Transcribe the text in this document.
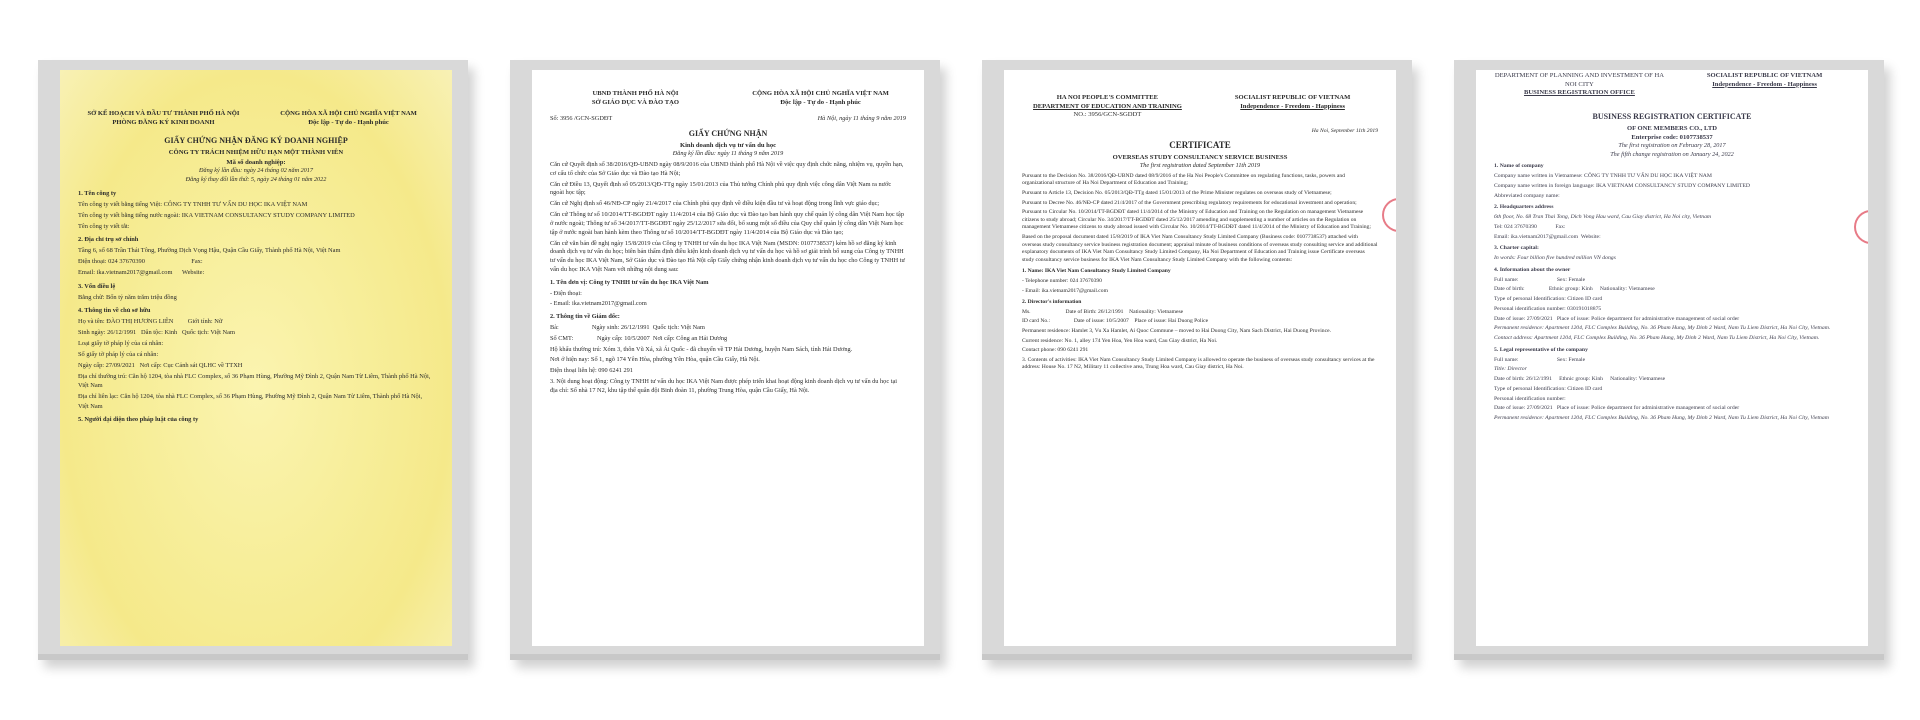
SỞ KẾ HOẠCH VÀ ĐẦU TƯ THÀNH PHỐ HÀ NỘI
PHÒNG ĐĂNG KÝ KINH DOANH
CỘNG HÒA XÃ HỘI CHỦ NGHĨA VIỆT NAM
Độc lập - Tự do - Hạnh phúc
GIẤY CHỨNG NHẬN ĐĂNG KÝ DOANH NGHIỆP
CÔNG TY TRÁCH NHIỆM HỮU HẠN MỘT THÀNH VIÊN
Mã số doanh nghiệp:
Đăng ký lần đầu: ngày 24 tháng 02 năm 2017
Đăng ký thay đổi lần thứ: 5, ngày 24 tháng 01 năm 2022
1. Tên công ty
Tên công ty viết bằng tiếng Việt: CÔNG TY TNHH TƯ VẤN DU HỌC IKA VIỆT NAM
Tên công ty viết bằng tiếng nước ngoài: IKA VIETNAM CONSULTANCY STUDY COMPANY LIMITED
Tên công ty viết tắt:
2. Địa chỉ trụ sở chính
Tầng 6, số 68 Trần Thái Tông, Phường Dịch Vọng Hậu, Quận Cầu Giấy, Thành phố Hà Nội, Việt Nam
Điện thoại: 024 37670390	Fax:
Email: ika.vietnam2017@gmail.com Website:
3. Vốn điều lệ
Bằng chữ: Bốn tỷ năm trăm triệu đồng
4. Thông tin về chủ sở hữu
Họ và tên: ĐÀO THỊ HƯƠNG LIÊN Giới tính: Nữ
Sinh ngày: 26/12/1991 Dân tộc: Kinh Quốc tịch: Việt Nam
Loại giấy tờ pháp lý của cá nhân:
Số giấy tờ pháp lý của cá nhân:
Ngày cấp: 27/09/2021 Nơi cấp: Cục Cảnh sát QLHC về TTXH
Địa chỉ thường trú: Căn hộ 1204, tòa nhà FLC Complex, số 36 Phạm Hùng, Phường Mỹ Đình 2, Quận Nam Từ Liêm, Thành phố Hà Nội, Việt Nam
Địa chỉ liên lạc: Căn hộ 1204, tòa nhà FLC Complex, số 36 Phạm Hùng, Phường Mỹ Đình 2, Quận Nam Từ Liêm, Thành phố Hà Nội, Việt Nam
5. Người đại diện theo pháp luật của công ty
UBND THÀNH PHỐ HÀ NỘI
SỞ GIÁO DỤC VÀ ĐÀO TẠO
CỘNG HÒA XÃ HỘI CHỦ NGHĨA VIỆT NAM
Độc lập - Tự do - Hạnh phúc
Số: 3956 /GCN-SGDĐT	Hà Nội, ngày 11 tháng 9 năm 2019
GIẤY CHỨNG NHẬN
Kinh doanh dịch vụ tư vấn du học
Đăng ký lần đầu: ngày 11 tháng 9 năm 2019
Căn cứ Quyết định số 38/2016/QĐ-UBND ngày 08/9/2016 của UBND thành phố Hà Nội về việc quy định chức năng, nhiệm vụ, quyền hạn, cơ cấu tổ chức của Sở Giáo dục và Đào tạo Hà Nội;
Căn cứ Điều 13, Quyết định số 05/2013/QĐ-TTg ngày 15/01/2013 của Thủ tướng Chính phủ quy định việc công dân Việt Nam ra nước ngoài học tập;
Căn cứ Nghị định số 46/NĐ-CP ngày 21/4/2017 của Chính phủ quy định về điều kiện đầu tư và hoạt động trong lĩnh vực giáo dục;
Căn cứ Thông tư số 10/2014/TT-BGDĐT ngày 11/4/2014 của Bộ Giáo dục và Đào tạo ban hành quy chế quản lý công dân Việt Nam học tập ở nước ngoài; Thông tư số 34/2017/TT-BGDĐT ngày 25/12/2017 sửa đổi, bổ sung một số điều của Quy chế quản lý công dân Việt Nam học tập ở nước ngoài ban hành kèm theo Thông tư số 10/2014/TT-BGDĐT ngày 11/4/2014 của Bộ Giáo dục và Đào tạo;
Căn cứ văn bản đề nghị ngày 15/8/2019 của Công ty TNHH tư vấn du học IKA Việt Nam (MSDN: 0107738537) kèm hồ sơ đăng ký kinh doanh dịch vụ tư vấn du học; biên bản thẩm định điều kiện kinh doanh dịch vụ tư vấn du học và hồ sơ giải trình bổ sung của Công ty TNHH tư vấn du học IKA Việt Nam, Sở Giáo dục và Đào tạo Hà Nội cấp Giấy chứng nhận kinh doanh dịch vụ tư vấn du học cho Công ty TNHH tư vấn du học IKA Việt Nam với những nội dung sau:
1. Tên đơn vị: Công ty TNHH tư vấn du học IKA Việt Nam
- Điện thoại:
- Email: ika.vietnam2017@gmail.com
2. Thông tin về Giám đốc:
Bà:	Ngày sinh: 26/12/1991 Quốc tịch: Việt Nam
Số CMT:	Ngày cấp: 10/5/2007 Nơi cấp: Công an Hải Dương
Hộ khẩu thường trú: Xóm 3, thôn Vũ Xá, xã Ái Quốc - đã chuyển về TP Hải Dương, huyện Nam Sách, tỉnh Hải Dương.
Nơi ở hiện nay: Số 1, ngõ 174 Yên Hòa, phường Yên Hòa, quận Cầu Giấy, Hà Nội.
Điện thoại liên hệ: 090 6241 291
3. Nội dung hoạt động: Công ty TNHH tư vấn du học IKA Việt Nam được phép triển khai hoạt động kinh doanh dịch vụ tư vấn du học tại địa chỉ: Số nhà 17 N2, khu tập thể quân đội Binh đoàn 11, phường Trung Hòa, quận Cầu Giấy, Hà Nội.
HA NOI PEOPLE'S COMMITTEE
DEPARTMENT OF EDUCATION AND TRAINING
NO.: 3956/GCN-SGDDT
SOCIALIST REPUBLIC OF VIETNAM
Independence - Freedom - Happiness
Ha Noi, September 11th 2019
CERTIFICATE
OVERSEAS STUDY CONSULTANCY SERVICE BUSINESS
The first registration dated September 11th 2019
Pursuant to the Decision No. 38/2016/QĐ-UBND dated 08/9/2016 of the Ha Noi People's Committee on regulating functions, tasks, powers and organizational structure of Ha Noi Department of Education and Training;
Pursuant to Article 13, Decision No. 05/2013/QĐ-TTg dated 15/01/2013 of the Prime Minister regulates on overseas study of Vietnamese;
Pursuant to Decree No. 46/NĐ-CP dated 21/4/2017 of the Government prescribing regulatory requirements for educational investment and operation;
Pursuant to Circular No. 10/2014/TT-BGDĐT dated 11/4/2014 of the Ministry of Education and Training on the Regulation on management Vietnamese citizens to study abroad; Circular No. 34/2017/TT-BGDĐT dated 25/12/2017 amending and supplementing a number of articles on the Regulation on management Vietnamese citizens to study abroad issued with Circular No. 10/2014/TT-BGDĐT dated 11/4/2014 of the Ministry of Education and Training;
Based on the proposal document dated 15/8/2019 of IKA Viet Nam Consultancy Study Limited Company (Business code: 0107738537) attached with overseas study consultancy service business registration document; appraisal minute of business conditions of overseas study consulting service and additional explanatory documents of IKA Viet Nam Consultancy Study Limited Company, Ha Noi Department of Education and Training issue Certificate overseas study consultancy service business for IKA Viet Nam Consultancy Study Limited Company with the following contents:
1. Name: IKA Viet Nam Consultancy Study Limited Company
- Telephone number: 024 37670390
- Email: ika.vietnam2017@gmail.com
2. Director's information
Ms.	Date of Birth: 26/12/1991 Nationality: Vietnamese
ID card No.:	Date of issue: 10/5/2007 Place of issue: Hai Duong Police
Permanent residence: Hamlet 3, Vu Xa Hamlet, Ai Quoc Commune – moved to Hai Duong City, Nam Sach District, Hai Duong Province.
Current residence: No. 1, alley 174 Yen Hoa, Yen Hoa ward, Cau Giay district, Ha Noi.
Contact phone: 090 6241 291
3. Contents of activities: IKA Viet Nam Consultancy Study Limited Company is allowed to operate the business of overseas study consultancy services at the address: House No. 17 N2, Military 11 collective area, Trung Hoa ward, Cau Giay district, Ha Noi.
DEPARTMENT OF PLANNING AND INVESTMENT OF HA NOI CITY
BUSINESS REGISTRATION OFFICE
SOCIALIST REPUBLIC OF VIETNAM
Independence - Freedom - Happiness
BUSINESS REGISTRATION CERTIFICATE
OF ONE MEMBERS CO., LTD
Enterprise code: 0107738537
The first registration on February 28, 2017
The fifth change registration on January 24, 2022
1. Name of company
Company name written in Vietnamese: CÔNG TY TNHH TƯ VẤN DU HỌC IKA VIỆT NAM
Company name written in foreign language: IKA VIETNAM CONSULTANCY STUDY COMPANY LIMITED
Abbreviated company name:
2. Headquarters address
6th floor, No. 68 Tran Thai Tong, Dich Vong Hau ward, Cau Giay district, Ha Noi city, Vietnam
Tel: 024 37670390	Fax:
Email: ika.vietnam2017@gmail.com Website:
3. Charter capital:
In words: Four billion five hundred million VN dongs
4. Information about the owner
Full name:	Sex: Female
Date of birth:	Ethnic group: Kinh Nationality: Vietnamese
Type of personal Identification: Citizen ID card
Personal identification number: 030191018875
Date of issue: 27/09/2021 Place of issue: Police department for administrative management of social order
Permanent residence: Apartment 1204, FLC Complex Building, No. 36 Pham Hung, My Dinh 2 Ward, Nam Tu Liem District, Ha Noi City, Vietnam.
Contact address: Apartment 1204, FLC Complex Building, No. 36 Pham Hung, My Dinh 2 Ward, Nam Tu Liem District, Ha Noi City, Vietnam.
5. Legal representative of the company
Full name:	Sex: Female
Title: Director
Date of birth: 26/12/1991 Ethnic group: Kinh Nationality: Vietnamese
Type of personal Identification: Citizen ID card
Personal identification number:
Date of issue: 27/09/2021 Place of issue: Police department for administrative management of social order
Permanent residence: Apartment 1204, FLC Complex Building, No. 36 Pham Hung, My Dinh 2 Ward, Nam Tu Liem District, Ha Noi City, Vietnam
